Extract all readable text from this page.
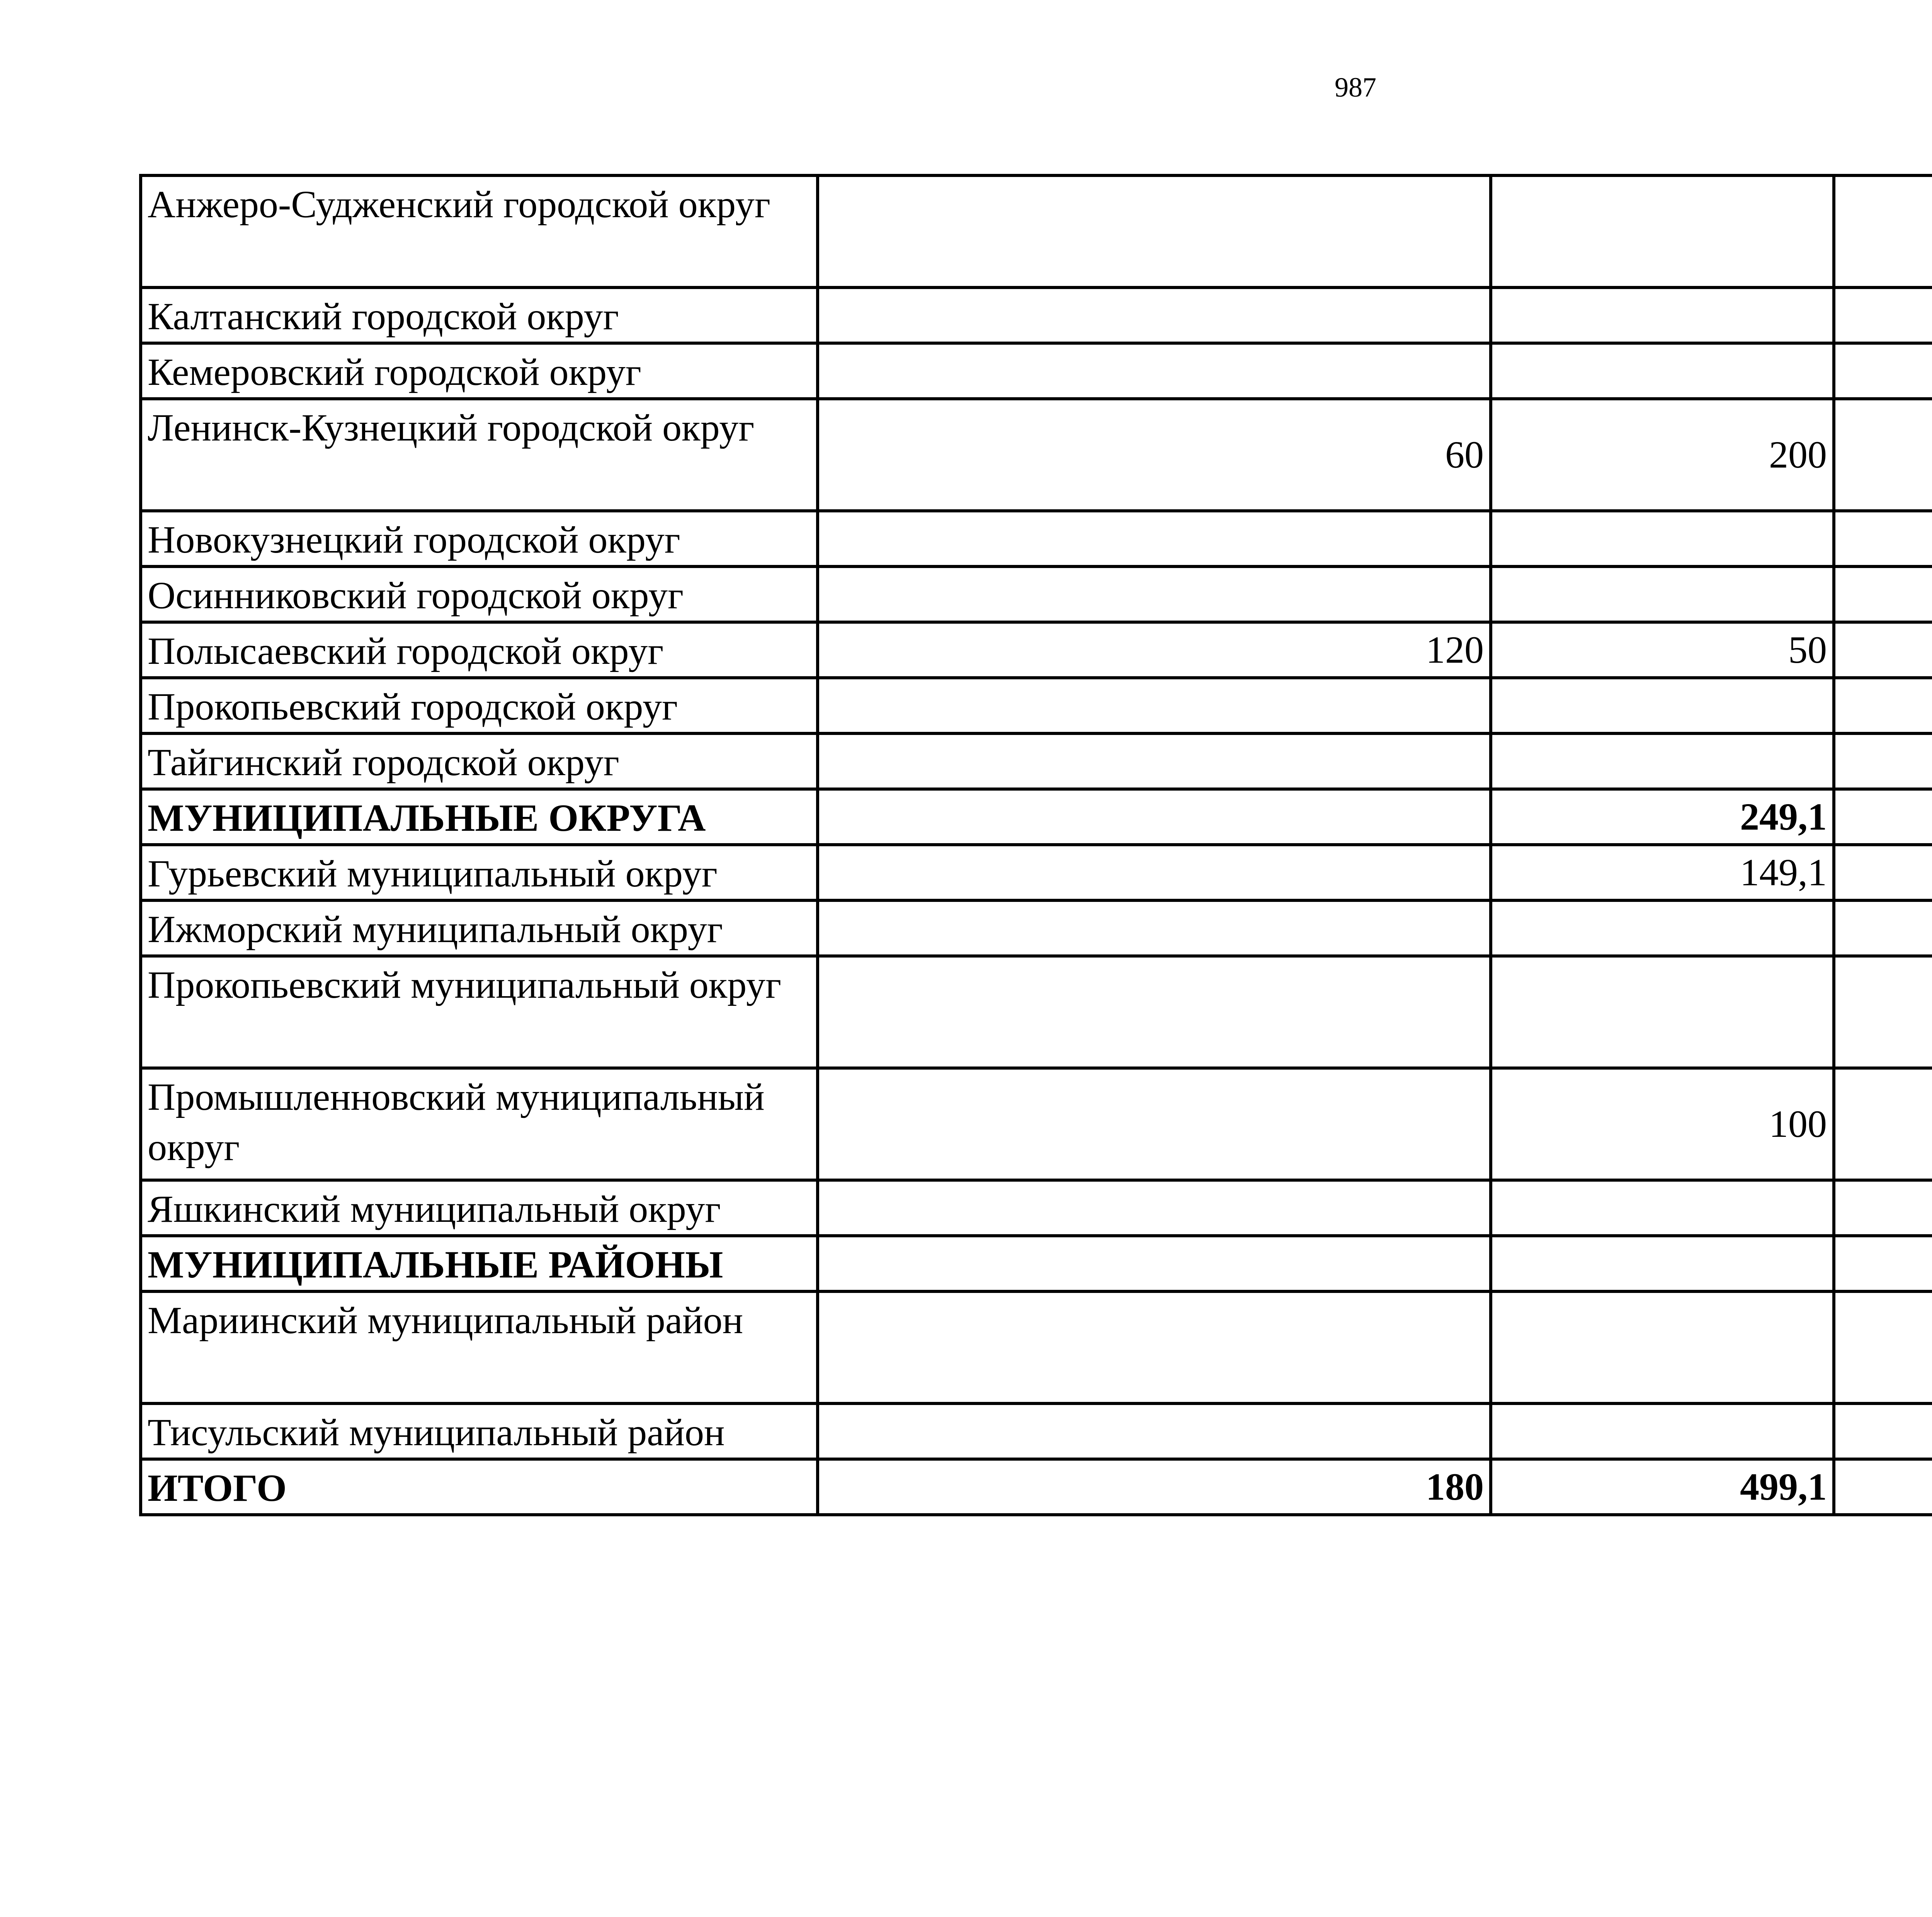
987
Анжеро-Судженский городской округ			
Калтанский городской округ			
Кемеровский городской округ			
Ленинск-Кузнецкий городской округ	60	200	
Новокузнецкий городской округ			
Осинниковский городской округ			
Полысаевский городской округ	120	50	
Прокопьевский городской округ			
Тайгинский городской округ			
МУНИЦИПАЛЬНЫЕ ОКРУГА		249,1	
Гурьевский муниципальный округ		149,1	
Ижморский муниципальный округ			
Прокопьевский муниципальный округ			
Промышленновский муниципальный округ		100	
Яшкинский муниципальный округ			
МУНИЦИПАЛЬНЫЕ РАЙОНЫ			
Мариинский муниципальный район			
Тисульский муниципальный район			
ИТОГО	180	499,1	
